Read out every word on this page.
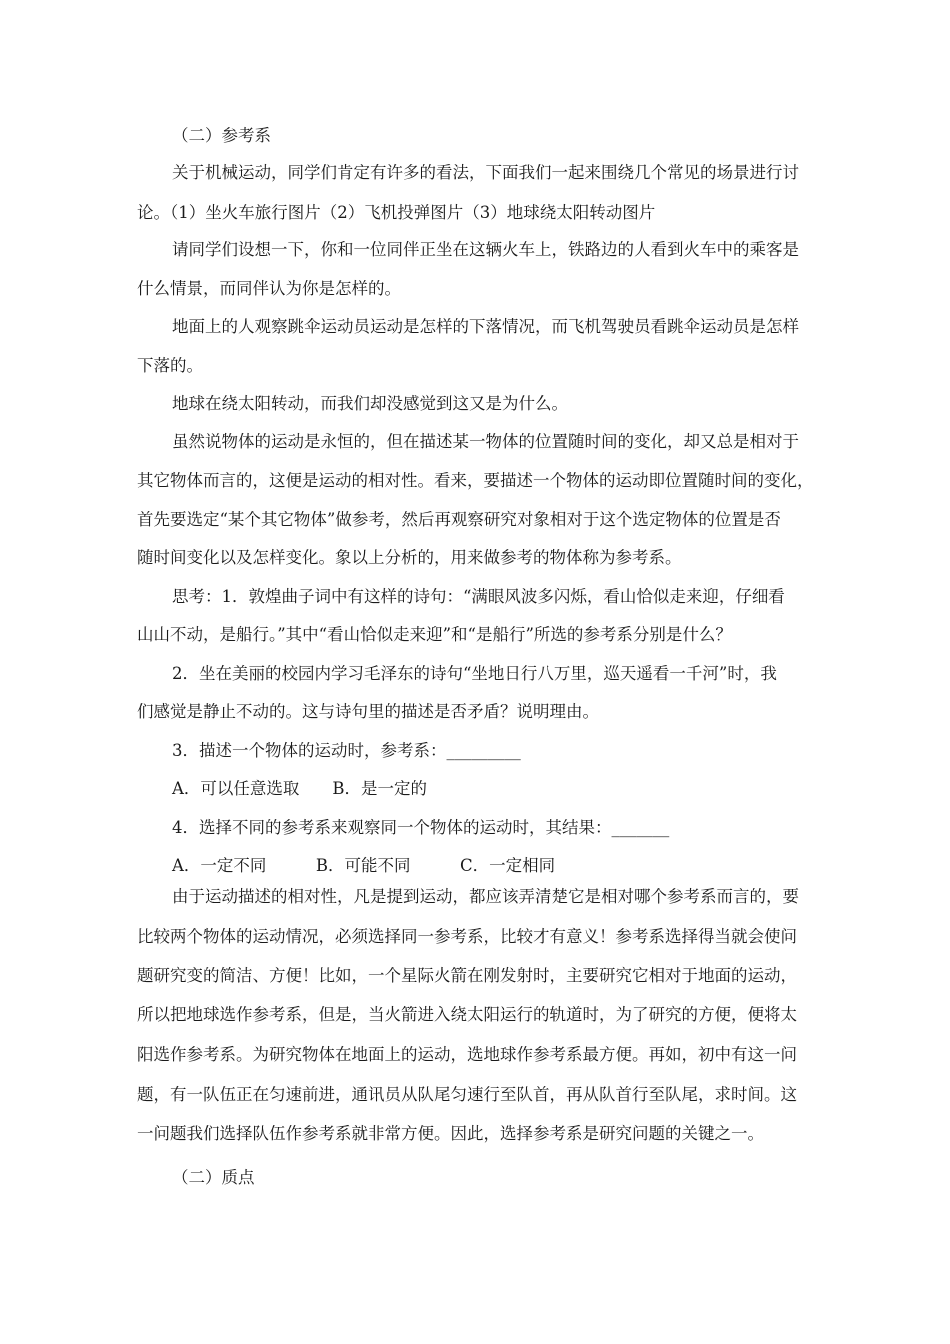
（二）参考系
关于机械运动，同学们肯定有许多的看法，下面我们一起来围绕几个常见的场景进行讨
论。（1）坐火车旅行图片（2）飞机投弹图片（3）地球绕太阳转动图片
请同学们设想一下，你和一位同伴正坐在这辆火车上，铁路边的人看到火车中的乘客是
什么情景，而同伴认为你是怎样的。
地面上的人观察跳伞运动员运动是怎样的下落情况，而飞机驾驶员看跳伞运动员是怎样
下落的。
地球在绕太阳转动，而我们却没感觉到这又是为什么。
虽然说物体的运动是永恒的，但在描述某一物体的位置随时间的变化，却又总是相对于
其它物体而言的，这便是运动的相对性。看来，要描述一个物体的运动即位置随时间的变化，
首先要选定“某个其它物体”做参考，然后再观察研究对象相对于这个选定物体的位置是否
随时间变化以及怎样变化。象以上分析的，用来做参考的物体称为参考系。
思考：1．敦煌曲子词中有这样的诗句：“满眼风波多闪烁，看山恰似走来迎，仔细看
山山不动，是船行。”其中“看山恰似走来迎”和“是船行”所选的参考系分别是什么？
2．坐在美丽的校园内学习毛泽东的诗句“坐地日行八万里，巡天遥看一千河”时，我
们感觉是静止不动的。这与诗句里的描述是否矛盾？说明理由。
3．描述一个物体的运动时，参考系：_________
A．可以任意选取　　B．是一定的
4．选择不同的参考系来观察同一个物体的运动时，其结果：_______
A．一定不同　　　B．可能不同　　　C．一定相同
由于运动描述的相对性，凡是提到运动，都应该弄清楚它是相对哪个参考系而言的，要
比较两个物体的运动情况，必须选择同一参考系，比较才有意义！参考系选择得当就会使问
题研究变的简洁、方便！比如，一个星际火箭在刚发射时，主要研究它相对于地面的运动，
所以把地球选作参考系，但是，当火箭进入绕太阳运行的轨道时，为了研究的方便，便将太
阳选作参考系。为研究物体在地面上的运动，选地球作参考系最方便。再如，初中有这一问
题，有一队伍正在匀速前进，通讯员从队尾匀速行至队首，再从队首行至队尾，求时间。这
一问题我们选择队伍作参考系就非常方便。因此，选择参考系是研究问题的关键之一。
（二）质点
